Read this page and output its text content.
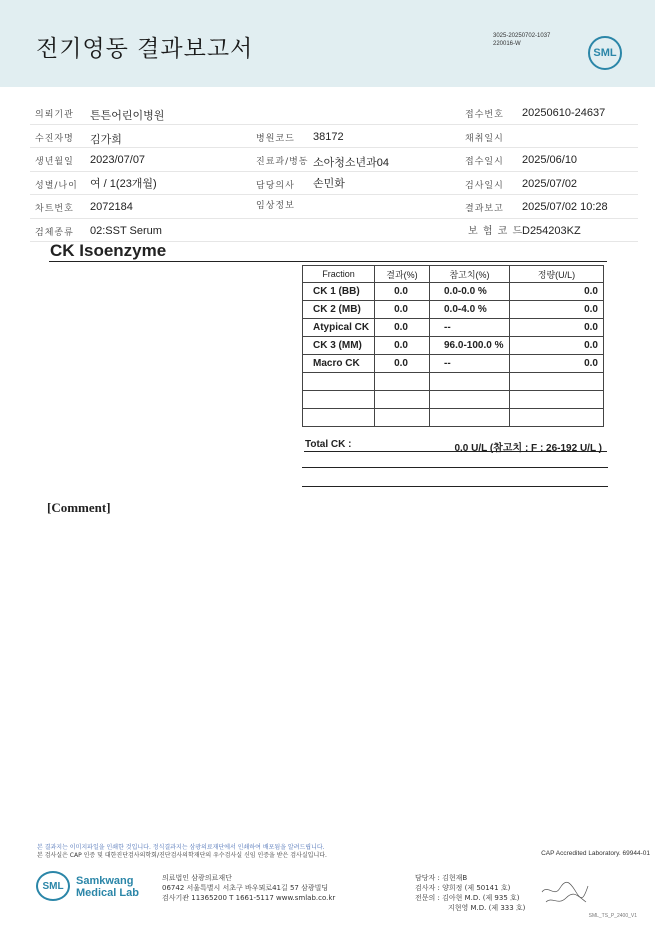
전기영동 결과보고서	3025-20250702-1037
220016-W
SML
의뢰기관 튼튼어린이병원	접수번호 20250610-24637
수진자명 김가희	병원코드 38172	채취일시
생년월일 2023/07/07	진료과/병동 소아청소년과04	접수일시 2025/06/10
성별/나이 여 / 1(23개월)	담당의사 손민화	검사일시 2025/07/02
차트번호 2072184	임상정보	결과보고 2025/07/02 10:28
검체종류 02:SST Serum	보 험 코 드
D254203KZ
CK Isoenzyme
Fraction	결과(%)	참고치(%)	정량(U/L)
CK 1 (BB)	0.0	0.0-0.0 %	0.0
CK 2 (MB)	0.0	0.0-4.0 %	0.0
Atypical CK	0.0	--	0.0
CK 3 (MM)	0.0	96.0-100.0 %	0.0
Macro CK	0.0	--	0.0

Total CK :	0.0 U/L (참고치 : F : 26-192 U/L )
[Comment]
본 결과지는 이미지파일을 인쇄한 것입니다. 정식결과지는 삼광의료재단에서 인쇄하여 배포됨을 알려드립니다.
본 검사실은 CAP 인증 및 대한진단검사의학회/진단검사의학재단의 우수검사실 신임 인증을 받은 검사실입니다.	CAP Accredited Laboratory. 69944-01
SML Samkwang
Medical Lab
의료법인 삼광의료재단
06742 서울특별시 서초구 바우뫼로41길 57 삼광빌딩
검사기관 11365200 T 1661-5117 www.smlab.co.kr
담당자 : 김현재B
검사자 : 양희정 (제 50141 호)
전문의 : 김아현 M.D. (제 935 호)
지현영 M.D. (제 333 호)
SML_TS_P_2400_V1
